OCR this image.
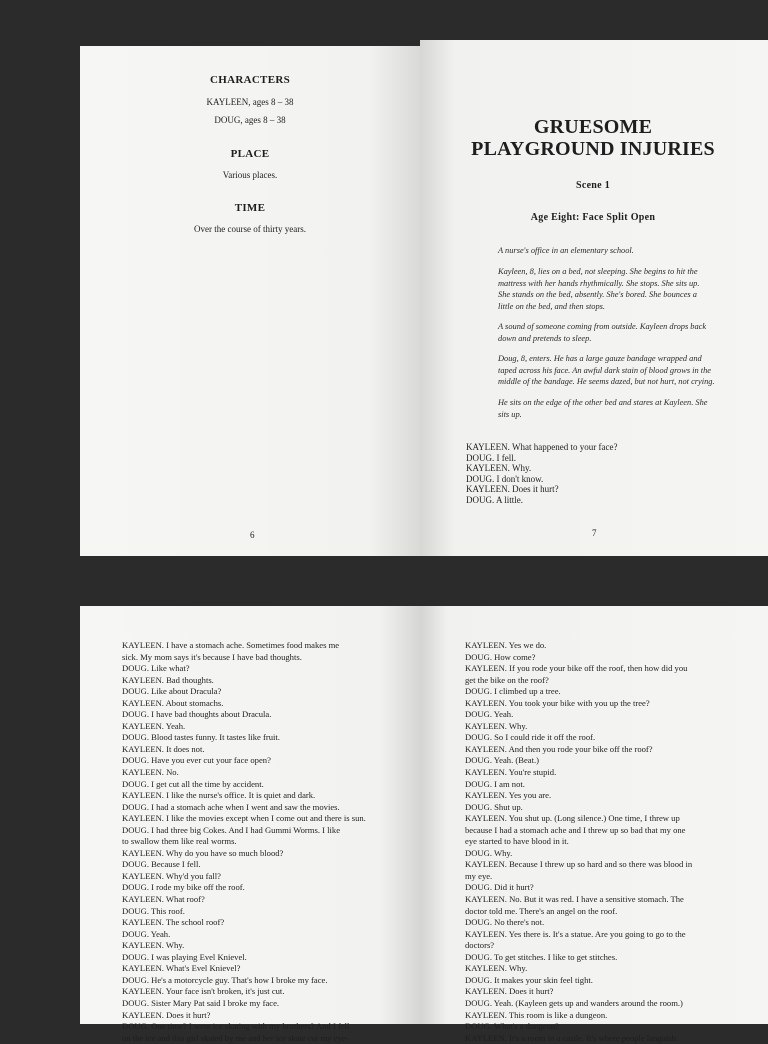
CHARACTERS
KAYLEEN, ages 8 – 38
DOUG, ages 8 – 38
PLACE
Various places.
TIME
Over the course of thirty years.
6
GRUESOME
PLAYGROUND INJURIES
Scene 1
Age Eight: Face Split Open
A nurse's office in an elementary school.
Kayleen, 8, lies on a bed, not sleeping. She begins to hit the
mattress with her hands rhythmically. She stops. She sits up.
She stands on the bed, absently. She's bored. She bounces a
little on the bed, and then stops.
A sound of someone coming from outside. Kayleen drops back
down and pretends to sleep.
Doug, 8, enters. He has a large gauze bandage wrapped and
taped across his face. An awful dark stain of blood grows in the
middle of the bandage. He seems dazed, but not hurt, not crying.
He sits on the edge of the other bed and stares at Kayleen. She
sits up.
KAYLEEN. What happened to your face?
DOUG. I fell.
KAYLEEN. Why.
DOUG. I don't know.
KAYLEEN. Does it hurt?
DOUG. A little.
7
KAYLEEN. I have a stomach ache. Sometimes food makes me
sick. My mom says it's because I have bad thoughts.
DOUG. Like what?
KAYLEEN. Bad thoughts.
DOUG. Like about Dracula?
KAYLEEN. About stomachs.
DOUG. I have bad thoughts about Dracula.
KAYLEEN. Yeah.
DOUG. Blood tastes funny. It tastes like fruit.
KAYLEEN. It does not.
DOUG. Have you ever cut your face open?
KAYLEEN. No.
DOUG. I get cut all the time by accident.
KAYLEEN. I like the nurse's office. It is quiet and dark.
DOUG. I had a stomach ache when I went and saw the movies.
KAYLEEN. I like the movies except when I come out and there is sun.
DOUG. I had three big Cokes. And I had Gummi Worms. I like
to swallow them like real worms.
KAYLEEN. Why do you have so much blood?
DOUG. Because I fell.
KAYLEEN. Why'd you fall?
DOUG. I rode my bike off the roof.
KAYLEEN. What roof?
DOUG. This roof.
KAYLEEN. The school roof?
DOUG. Yeah.
KAYLEEN. Why.
DOUG. I was playing Evel Knievel.
KAYLEEN. What's Evel Knievel?
DOUG. He's a motorcycle guy. That's how I broke my face.
KAYLEEN. Your face isn't broken, it's just cut.
DOUG. Sister Mary Pat said I broke my face.
KAYLEEN. Does it hurt?
DOUG. One time? I went ice skating with my brothers? And I fell
on the ice and this girl skated by me and her ice skate cut my eye-
KAYLEEN. Yes we do.
DOUG. How come?
KAYLEEN. If you rode your bike off the roof, then how did you
get the bike on the roof?
DOUG. I climbed up a tree.
KAYLEEN. You took your bike with you up the tree?
DOUG. Yeah.
KAYLEEN. Why.
DOUG. So I could ride it off the roof.
KAYLEEN. And then you rode your bike off the roof?
DOUG. Yeah. (Beat.)
KAYLEEN. You're stupid.
DOUG. I am not.
KAYLEEN. Yes you are.
DOUG. Shut up.
KAYLEEN. You shut up. (Long silence.) One time, I threw up
because I had a stomach ache and I threw up so bad that my one
eye started to have blood in it.
DOUG. Why.
KAYLEEN. Because I threw up so hard and so there was blood in
my eye.
DOUG. Did it hurt?
KAYLEEN. No. But it was red. I have a sensitive stomach. The
doctor told me. There's an angel on the roof.
DOUG. No there's not.
KAYLEEN. Yes there is. It's a statue. Are you going to go to the
doctors?
DOUG. To get stitches. I like to get stitches.
KAYLEEN. Why.
DOUG. It makes your skin feel tight.
KAYLEEN. Does it hurt?
DOUG. Yeah. (Kayleen gets up and wanders around the room.)
KAYLEEN. This room is like a dungeon.
DOUG. What's a dungeon?
KAYLEEN. It's a room in a castle. It's where people languish.
